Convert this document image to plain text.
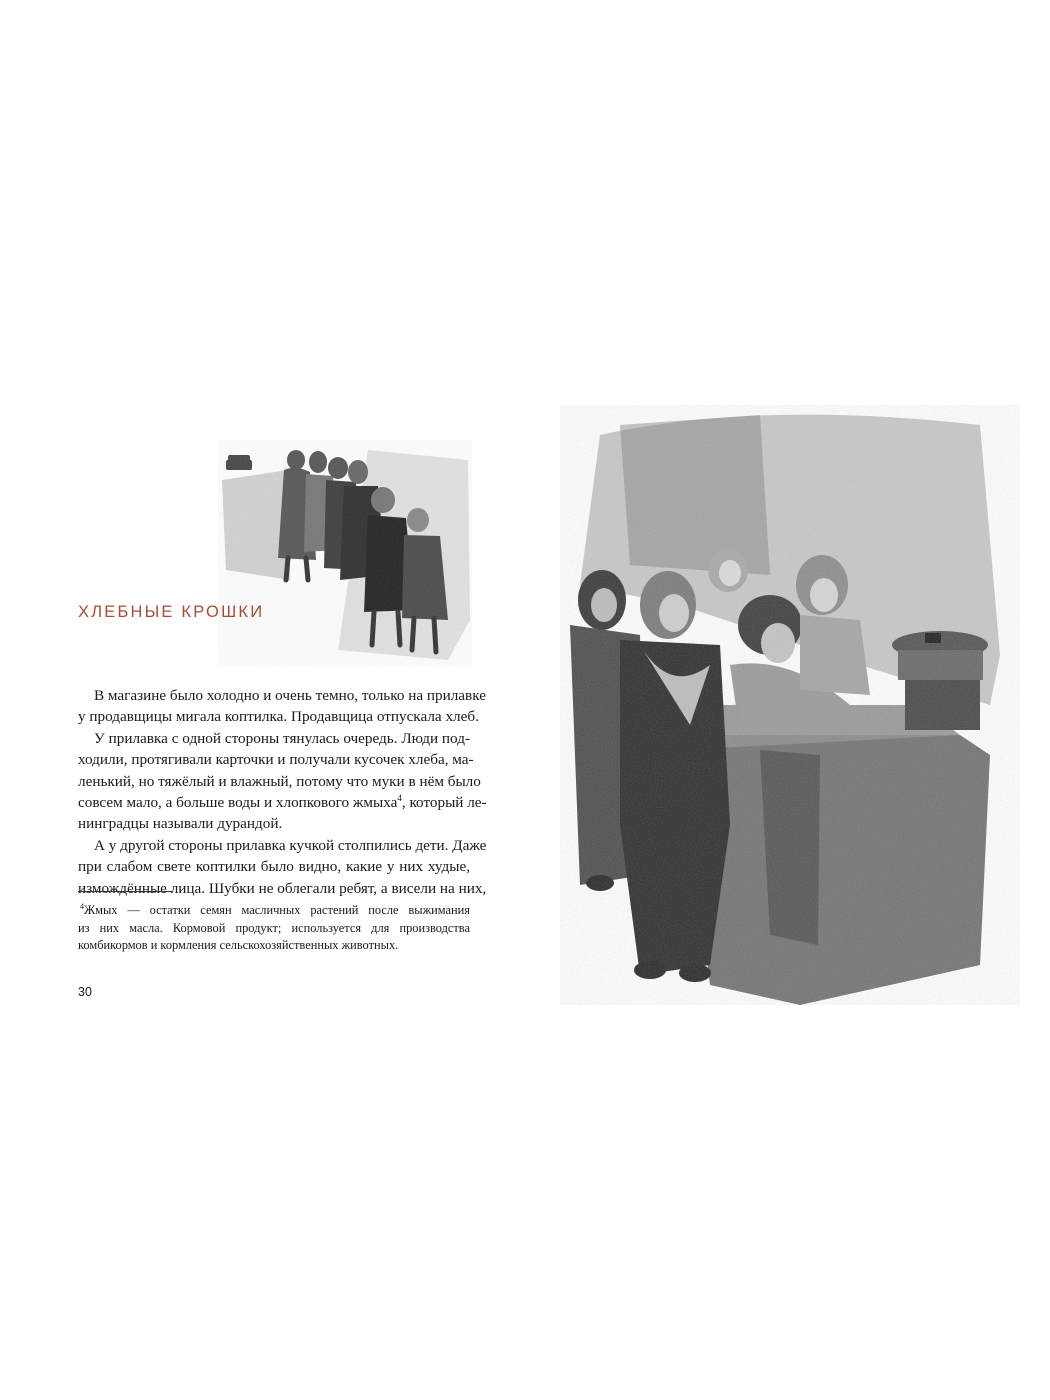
ХЛЕБНЫЕ КРОШКИ
В магазине было холодно и очень темно, только на прилавке
у продавщицы мигала коптилка. Продавщица отпускала хлеб.
У прилавка с одной стороны тянулась очередь. Люди под-
ходили, протягивали карточки и получали кусочек хлеба, ма-
ленький, но тяжёлый и влажный, потому что муки в нём было
совсем мало, а больше воды и хлопкового жмыха$^4$, который ле-
нинградцы называли дурандой.
А у другой стороны прилавка кучкой столпились дети. Даже
при слабом свете коптилки было видно, какие у них худые,
измождённые лица. Шубки не облегали ребят, а висели на них,
$^4$Жмых — остатки семян масличных растений после выжимания
из них масла. Кормовой продукт; используется для производства
комбикормов и кормления сельскохозяйственных животных.
30
